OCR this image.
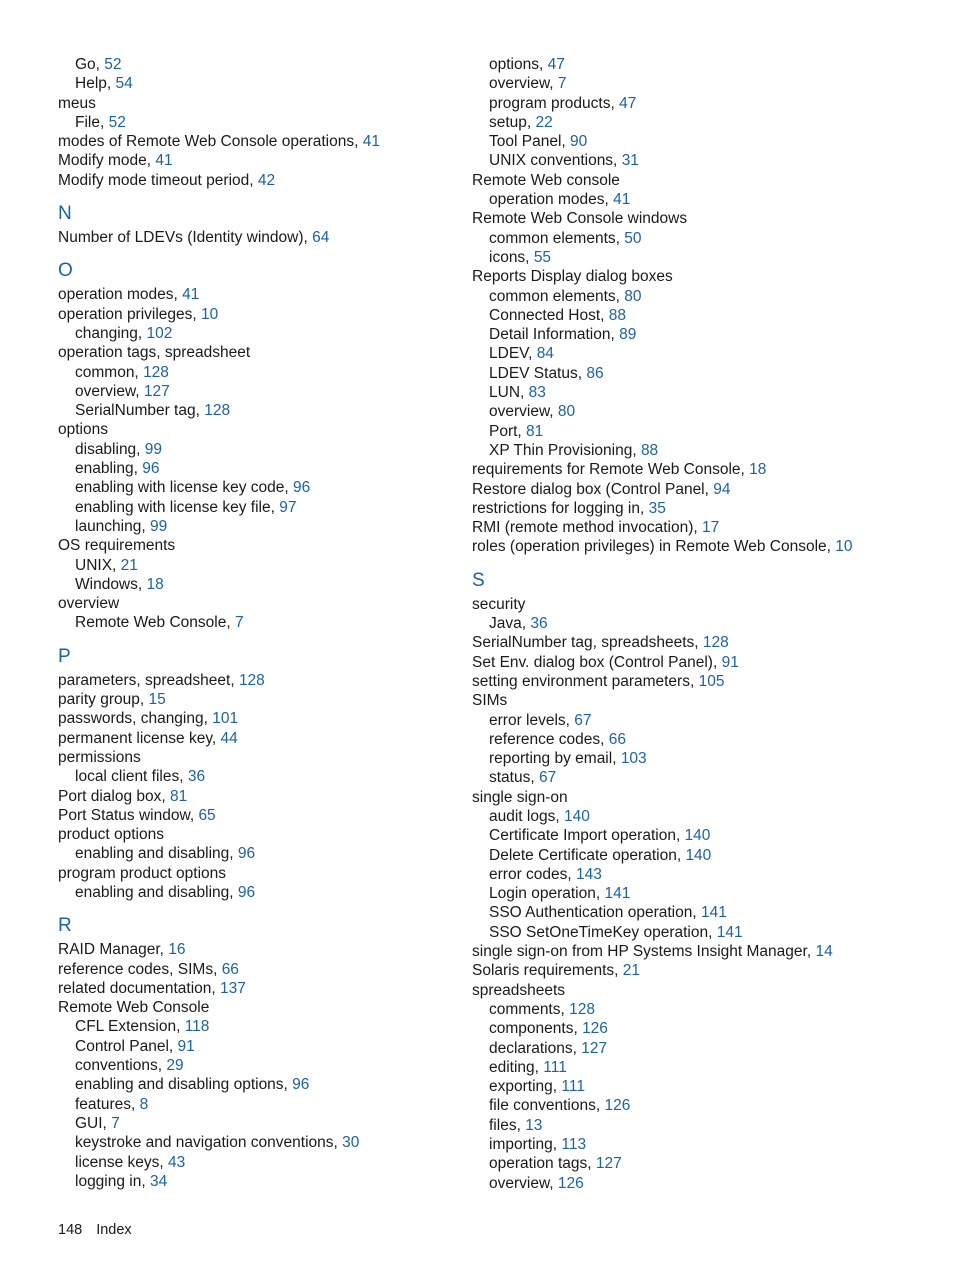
Go, 52
Help, 54
meus
File, 52
modes of Remote Web Console operations, 41
Modify mode, 41
Modify mode timeout period, 42
N
Number of LDEVs (Identity window), 64
O
operation modes, 41
operation privileges, 10
changing, 102
operation tags, spreadsheet
common, 128
overview, 127
SerialNumber tag, 128
options
disabling, 99
enabling, 96
enabling with license key code, 96
enabling with license key file, 97
launching, 99
OS requirements
UNIX, 21
Windows, 18
overview
Remote Web Console, 7
P
parameters, spreadsheet, 128
parity group, 15
passwords, changing, 101
permanent license key, 44
permissions
local client files, 36
Port dialog box, 81
Port Status window, 65
product options
enabling and disabling, 96
program product options
enabling and disabling, 96
R
RAID Manager, 16
reference codes, SIMs, 66
related documentation, 137
Remote Web Console
CFL Extension, 118
Control Panel, 91
conventions, 29
enabling and disabling options, 96
features, 8
GUI, 7
keystroke and navigation conventions, 30
license keys, 43
logging in, 34
options, 47
overview, 7
program products, 47
setup, 22
Tool Panel, 90
UNIX conventions, 31
Remote Web console
operation modes, 41
Remote Web Console windows
common elements, 50
icons, 55
Reports Display dialog boxes
common elements, 80
Connected Host, 88
Detail Information, 89
LDEV, 84
LDEV Status, 86
LUN, 83
overview, 80
Port, 81
XP Thin Provisioning, 88
requirements for Remote Web Console, 18
Restore dialog box (Control Panel, 94
restrictions for logging in, 35
RMI (remote method invocation), 17
roles (operation privileges) in Remote Web Console, 10
S
security
Java, 36
SerialNumber tag, spreadsheets, 128
Set Env. dialog box (Control Panel), 91
setting environment parameters, 105
SIMs
error levels, 67
reference codes, 66
reporting by email, 103
status, 67
single sign-on
audit logs, 140
Certificate Import operation, 140
Delete Certificate operation, 140
error codes, 143
Login operation, 141
SSO Authentication operation, 141
SSO SetOneTimeKey operation, 141
single sign-on from HP Systems Insight Manager, 14
Solaris requirements, 21
spreadsheets
comments, 128
components, 126
declarations, 127
editing, 111
exporting, 111
file conventions, 126
files, 13
importing, 113
operation tags, 127
overview, 126
148 Index
